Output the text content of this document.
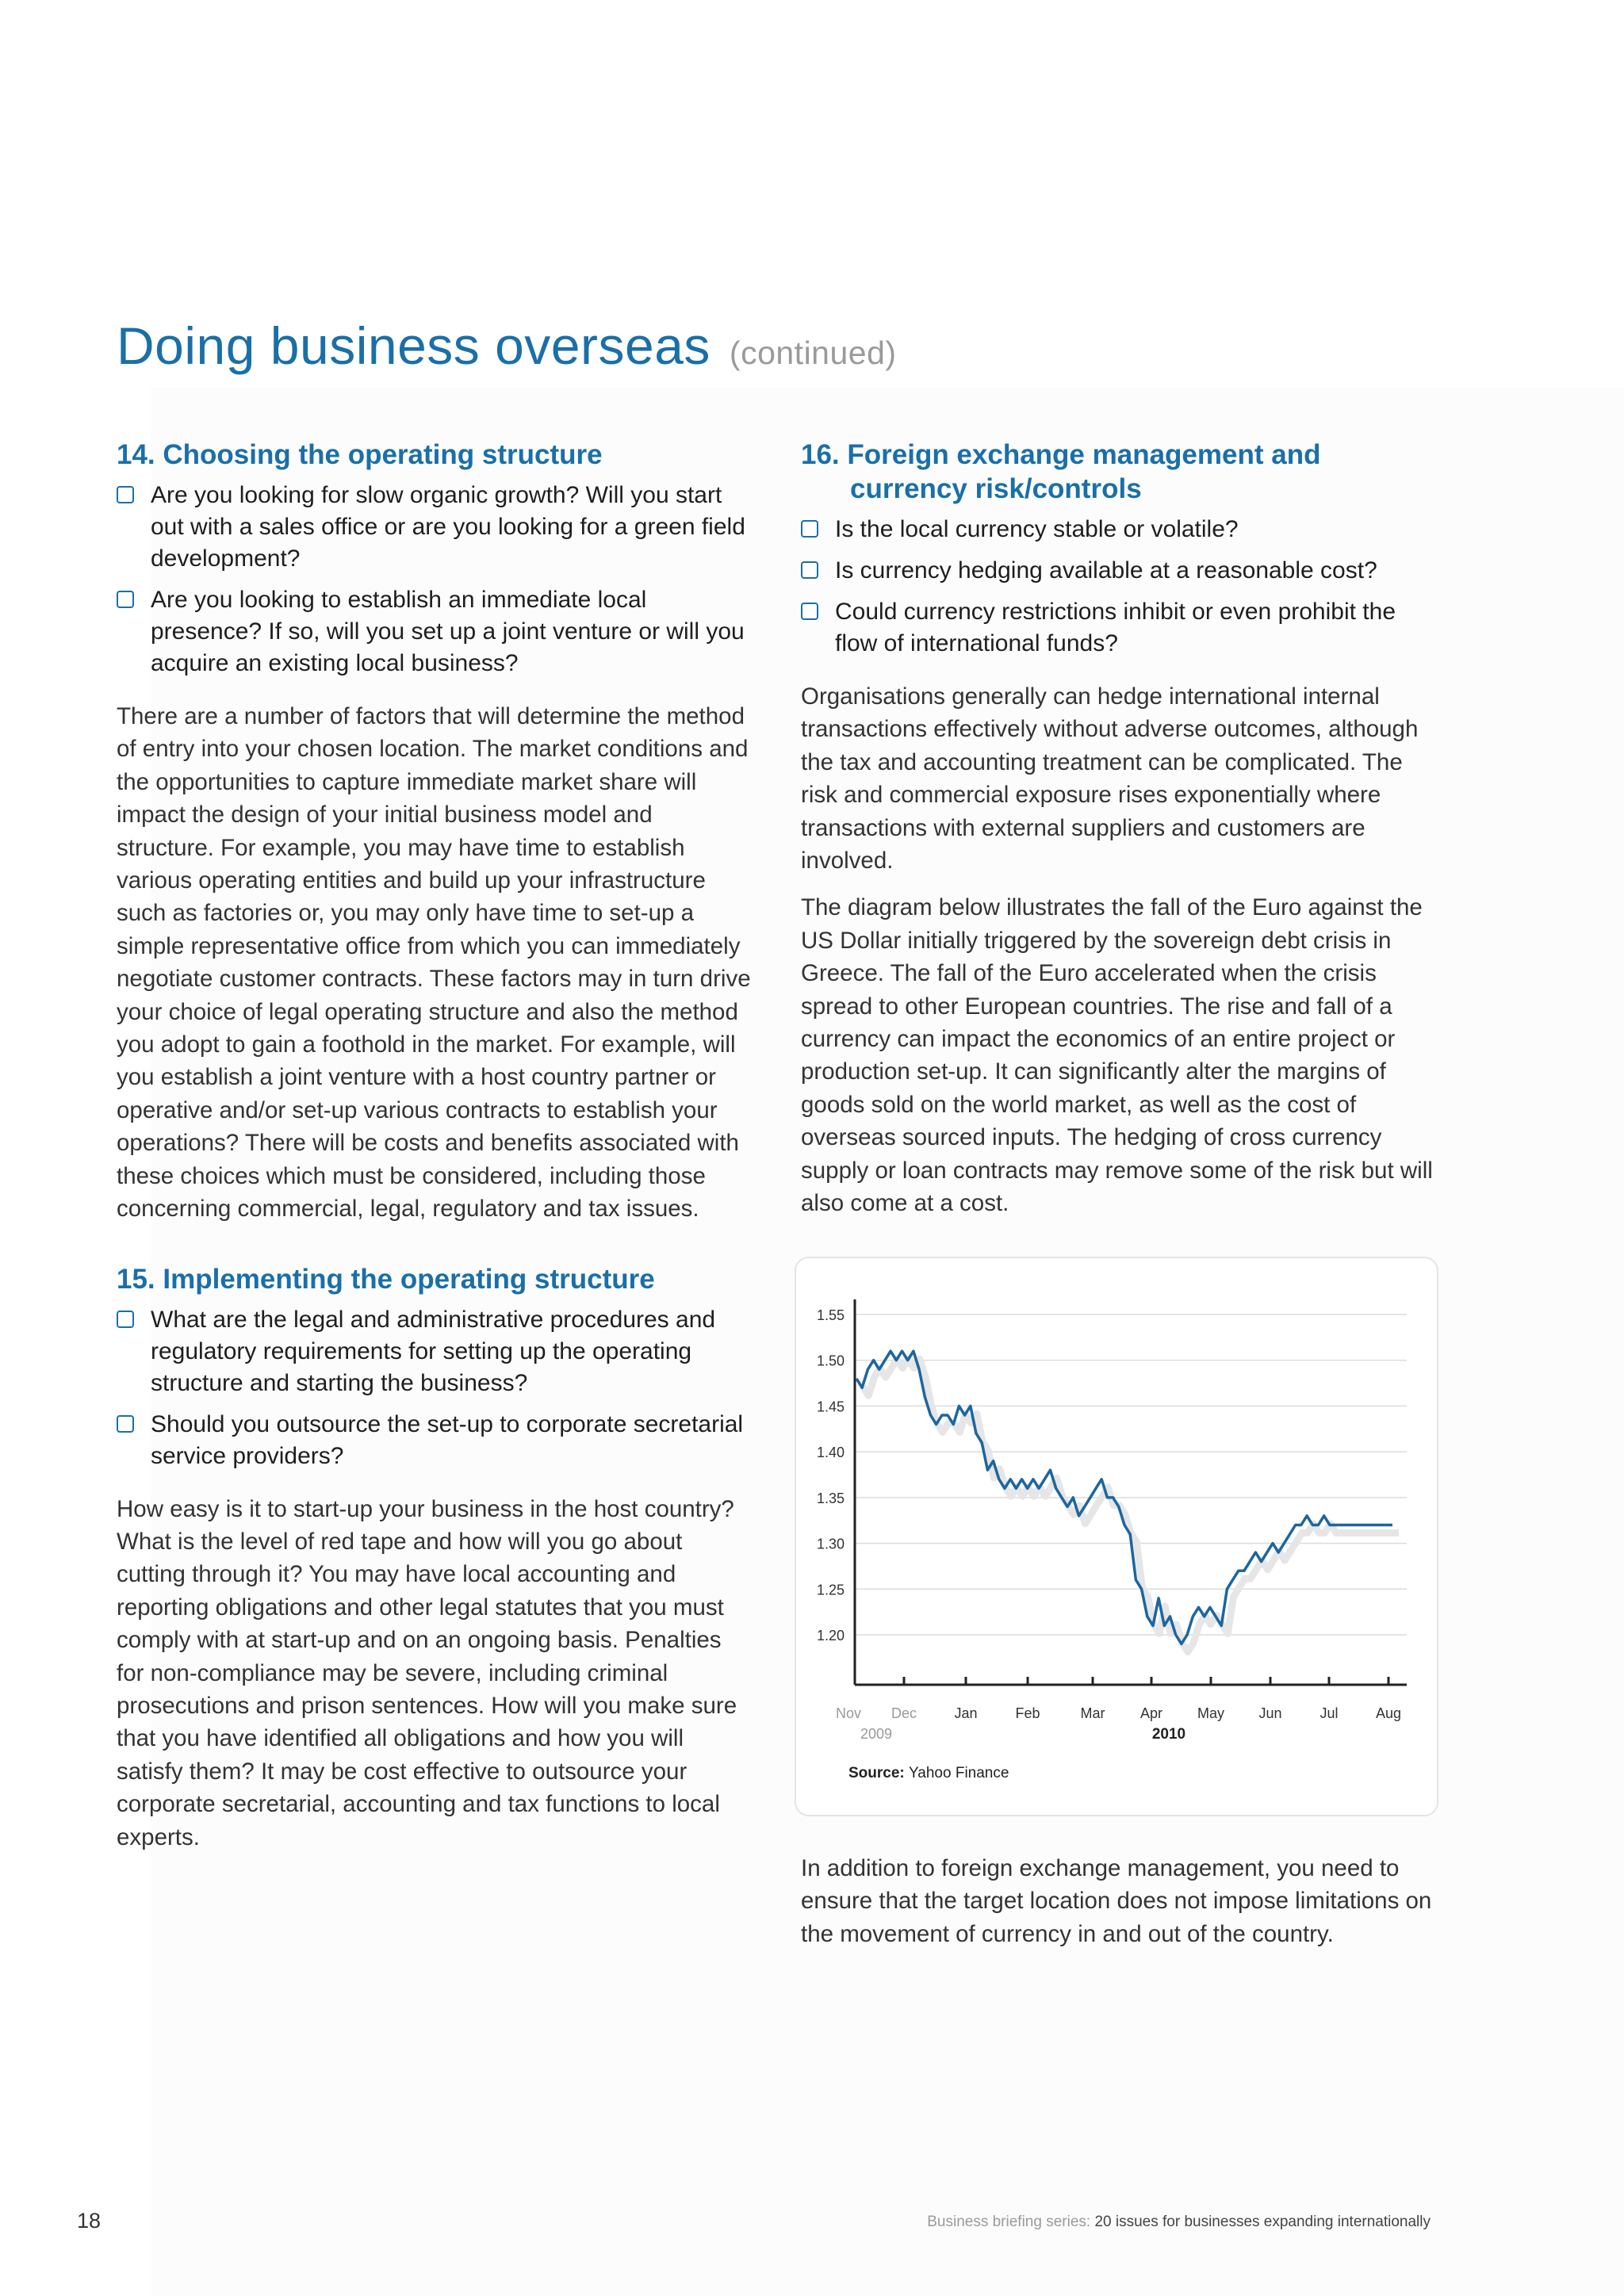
Doing business overseas (continued)
14. Choosing the operating structure
Are you looking for slow organic growth? Will you start out with a sales office or are you looking for a green field development?
Are you looking to establish an immediate local presence? If so, will you set up a joint venture or will you acquire an existing local business?

There are a number of factors that will determine the method of entry into your chosen location. The market conditions and the opportunities to capture immediate market share will impact the design of your initial business model and structure. For example, you may have time to establish various operating entities and build up your infrastructure such as factories or, you may only have time to set-up a simple representative office from which you can immediately negotiate customer contracts. These factors may in turn drive your choice of legal operating structure and also the method you adopt to gain a foothold in the market. For example, will you establish a joint venture with a host country partner or operative and/or set-up various contracts to establish your operations? There will be costs and benefits associated with these choices which must be considered, including those concerning commercial, legal, regulatory and tax issues.

15. Implementing the operating structure
What are the legal and administrative procedures and regulatory requirements for setting up the operating structure and starting the business?
Should you outsource the set-up to corporate secretarial service providers?

How easy is it to start-up your business in the host country? What is the level of red tape and how will you go about cutting through it? You may have local accounting and reporting obligations and other legal statutes that you must comply with at start-up and on an ongoing basis. Penalties for non-compliance may be severe, including criminal prosecutions and prison sentences. How will you make sure that you have identified all obligations and how you will satisfy them? It may be cost effective to outsource your corporate secretarial, accounting and tax functions to local experts.

16. Foreign exchange management and currency risk/controls
Is the local currency stable or volatile?
Is currency hedging available at a reasonable cost?
Could currency restrictions inhibit or even prohibit the flow of international funds?

Organisations generally can hedge international internal transactions effectively without adverse outcomes, although the tax and accounting treatment can be complicated. The risk and commercial exposure rises exponentially where transactions with external suppliers and customers are involved.

The diagram below illustrates the fall of the Euro against the US Dollar initially triggered by the sovereign debt crisis in Greece. The fall of the Euro accelerated when the crisis spread to other European countries. The rise and fall of a currency can impact the economics of an entire project or production set-up. It can significantly alter the margins of goods sold on the world market, as well as the cost of overseas sourced inputs. The hedging of cross currency supply or loan contracts may remove some of the risk but will also come at a cost.

1.55
1.50
1.45
1.40
1.35
1.30
1.25
1.20
Nov Dec	Jan	Feb	Mar Apr May Jun	Jul	Aug
2009	2010
Source: Yahoo Finance

In addition to foreign exchange management, you need to ensure that the target location does not impose limitations on the movement of currency in and out of the country.

18	Business briefing series: 20 issues for businesses expanding internationally
